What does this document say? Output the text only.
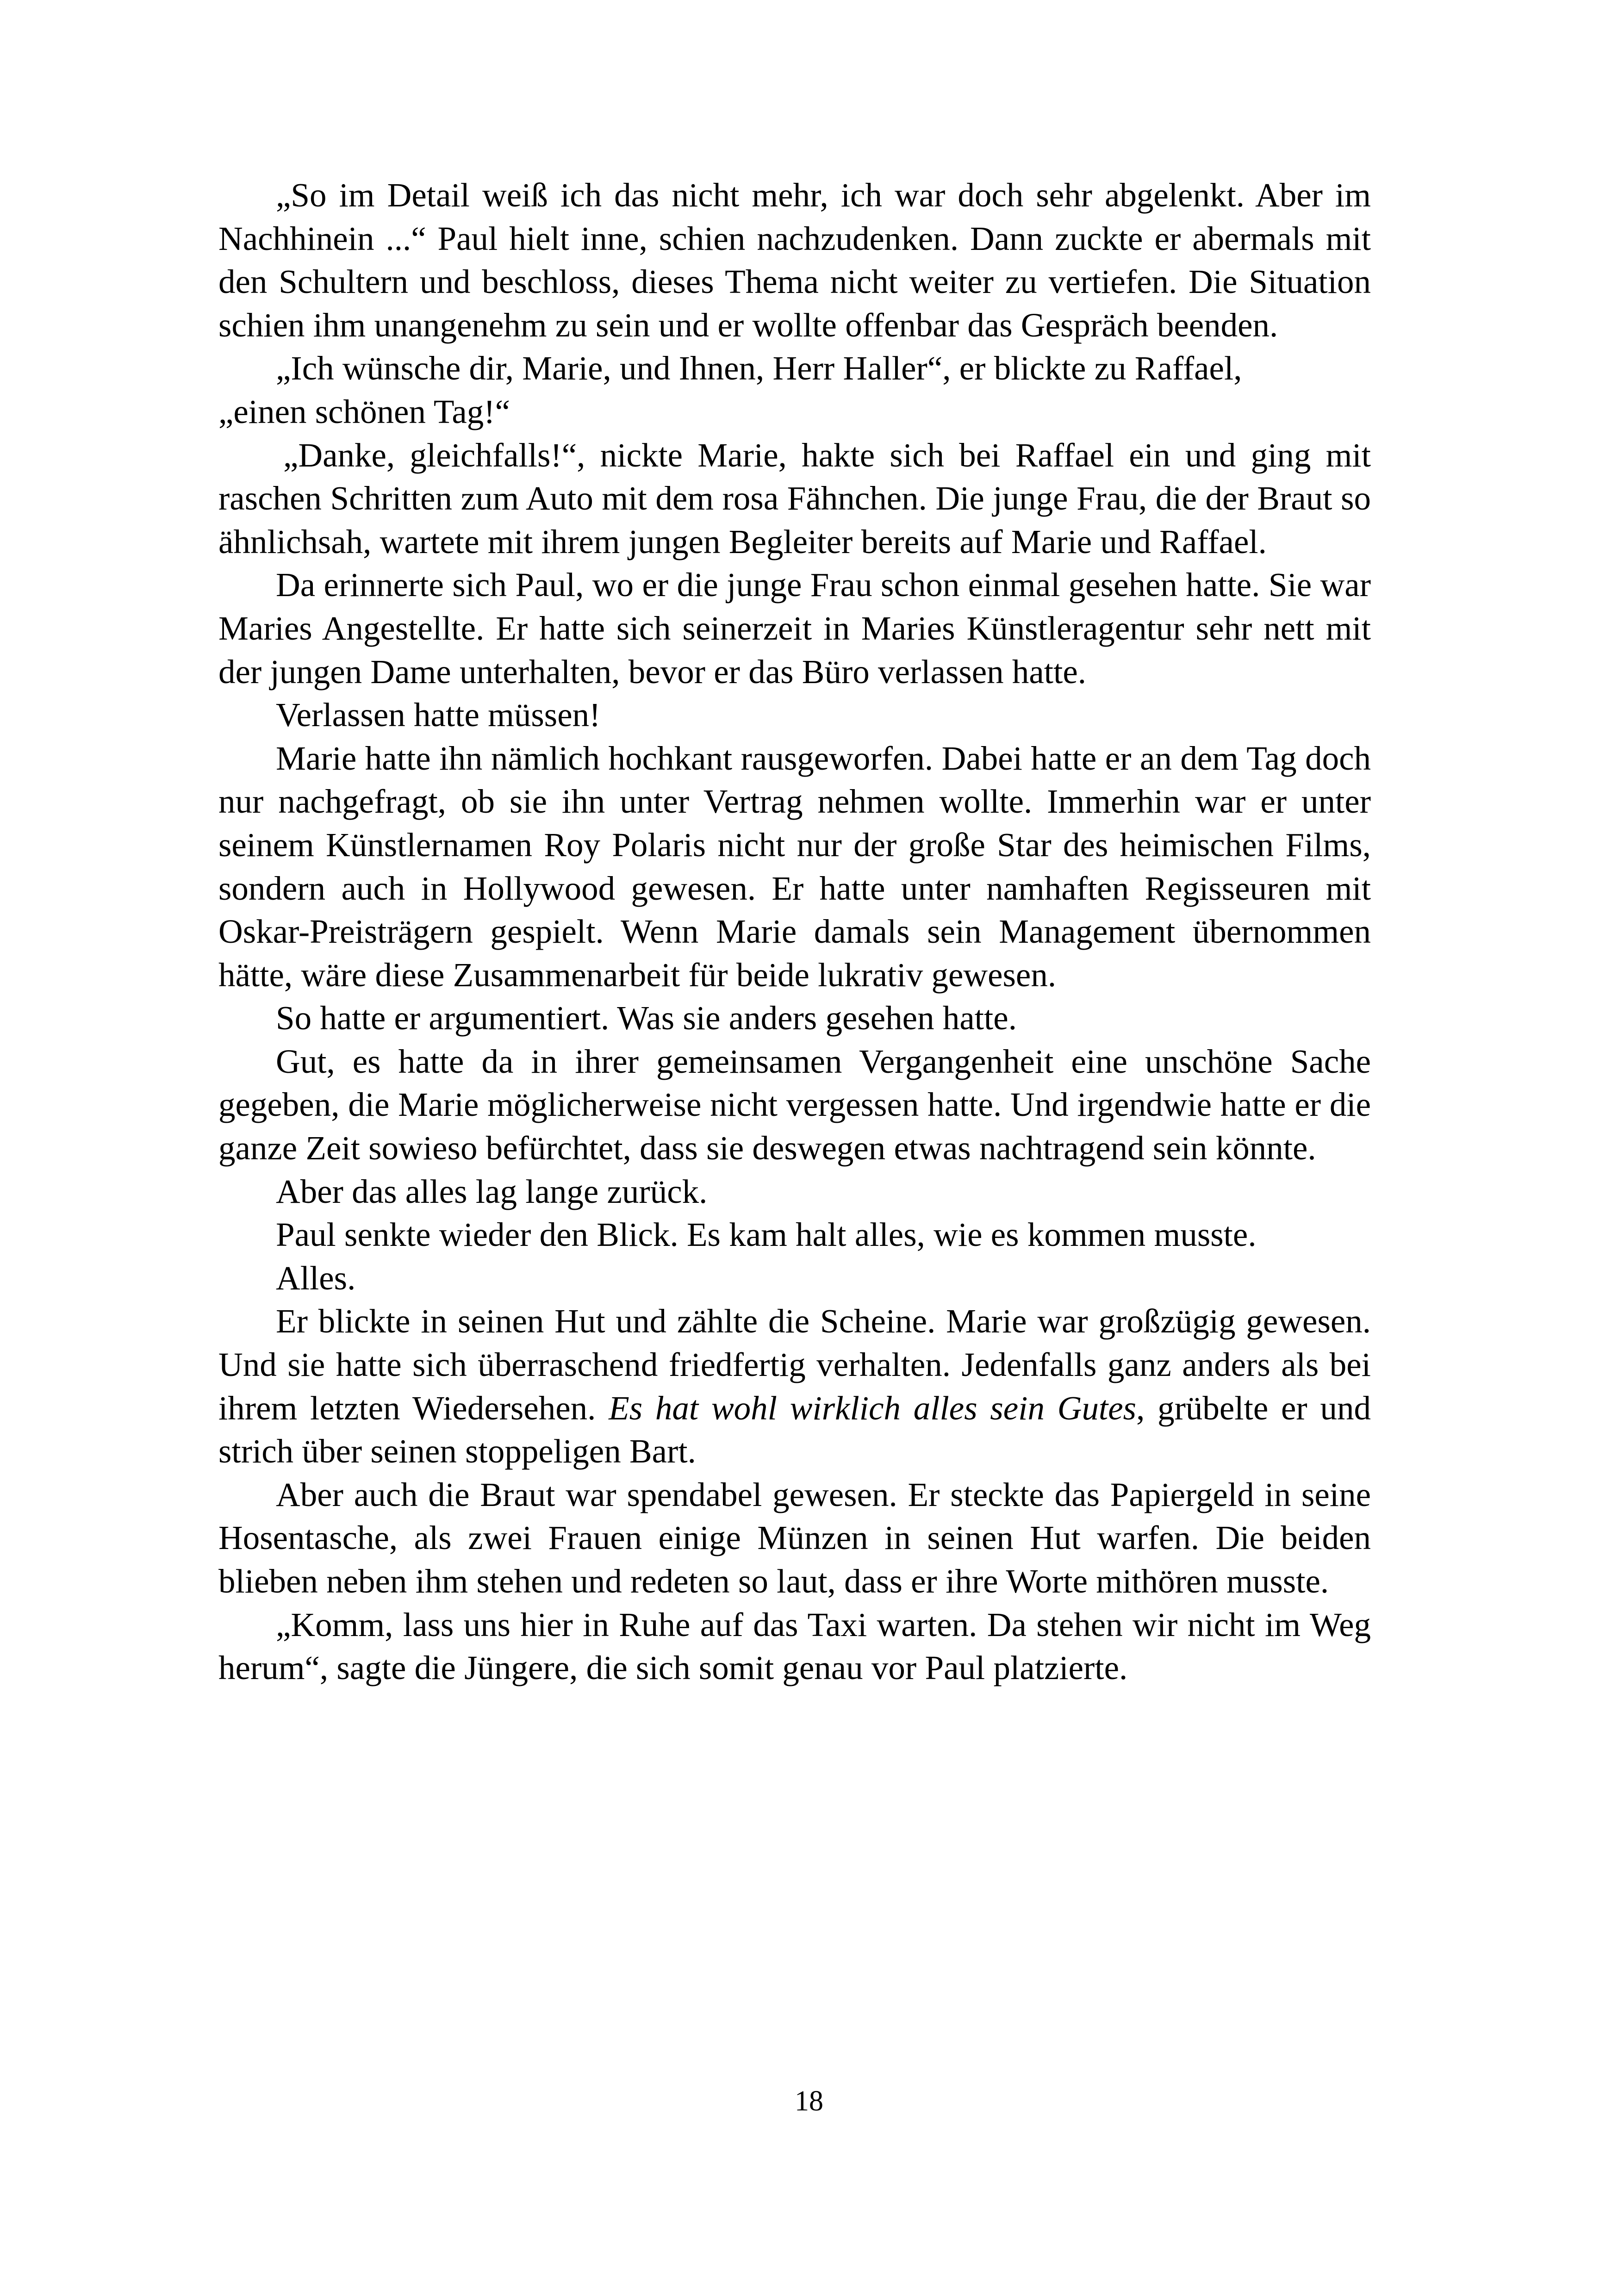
„So im Detail weiß ich das nicht mehr, ich war doch sehr abgelenkt. Aber im Nachhinein ...“ Paul hielt inne, schien nachzudenken. Dann zuckte er abermals mit den Schultern und beschloss, dieses Thema nicht weiter zu vertiefen. Die Situation schien ihm unangenehm zu sein und er wollte offenbar das Gespräch beenden.

„Ich wünsche dir, Marie, und Ihnen, Herr Haller“, er blickte zu Raffael,

„einen schönen Tag!“

„Danke, gleichfalls!“, nickte Marie, hakte sich bei Raffael ein und ging mit raschen Schritten zum Auto mit dem rosa Fähnchen. Die junge Frau, die der Braut so ähnlichsah, wartete mit ihrem jungen Begleiter bereits auf Marie und Raffael.

Da erinnerte sich Paul, wo er die junge Frau schon einmal gesehen hatte. Sie war Maries Angestellte. Er hatte sich seinerzeit in Maries Künstleragentur sehr nett mit der jungen Dame unterhalten, bevor er das Büro verlassen hatte.

Verlassen hatte müssen!

Marie hatte ihn nämlich hochkant rausgeworfen. Dabei hatte er an dem Tag doch nur nachgefragt, ob sie ihn unter Vertrag nehmen wollte. Immerhin war er unter seinem Künstlernamen Roy Polaris nicht nur der große Star des heimischen Films, sondern auch in Hollywood gewesen. Er hatte unter namhaften Regisseuren mit Oskar-Preisträgern gespielt. Wenn Marie damals sein Management übernommen hätte, wäre diese Zusammenarbeit für beide lukrativ gewesen.

So hatte er argumentiert. Was sie anders gesehen hatte.

Gut, es hatte da in ihrer gemeinsamen Vergangenheit eine unschöne Sache gegeben, die Marie möglicherweise nicht vergessen hatte. Und irgendwie hatte er die ganze Zeit sowieso befürchtet, dass sie deswegen etwas nachtragend sein könnte.

Aber das alles lag lange zurück.

Paul senkte wieder den Blick. Es kam halt alles, wie es kommen musste.

Alles.

Er blickte in seinen Hut und zählte die Scheine. Marie war großzügig gewesen. Und sie hatte sich überraschend friedfertig verhalten. Jedenfalls ganz anders als bei ihrem letzten Wiedersehen. Es hat wohl wirklich alles sein Gutes, grübelte er und strich über seinen stoppeligen Bart.

Aber auch die Braut war spendabel gewesen. Er steckte das Papiergeld in seine Hosentasche, als zwei Frauen einige Münzen in seinen Hut warfen. Die beiden blieben neben ihm stehen und redeten so laut, dass er ihre Worte mithören musste.

„Komm, lass uns hier in Ruhe auf das Taxi warten. Da stehen wir nicht im Weg herum“, sagte die Jüngere, die sich somit genau vor Paul platzierte.

18
